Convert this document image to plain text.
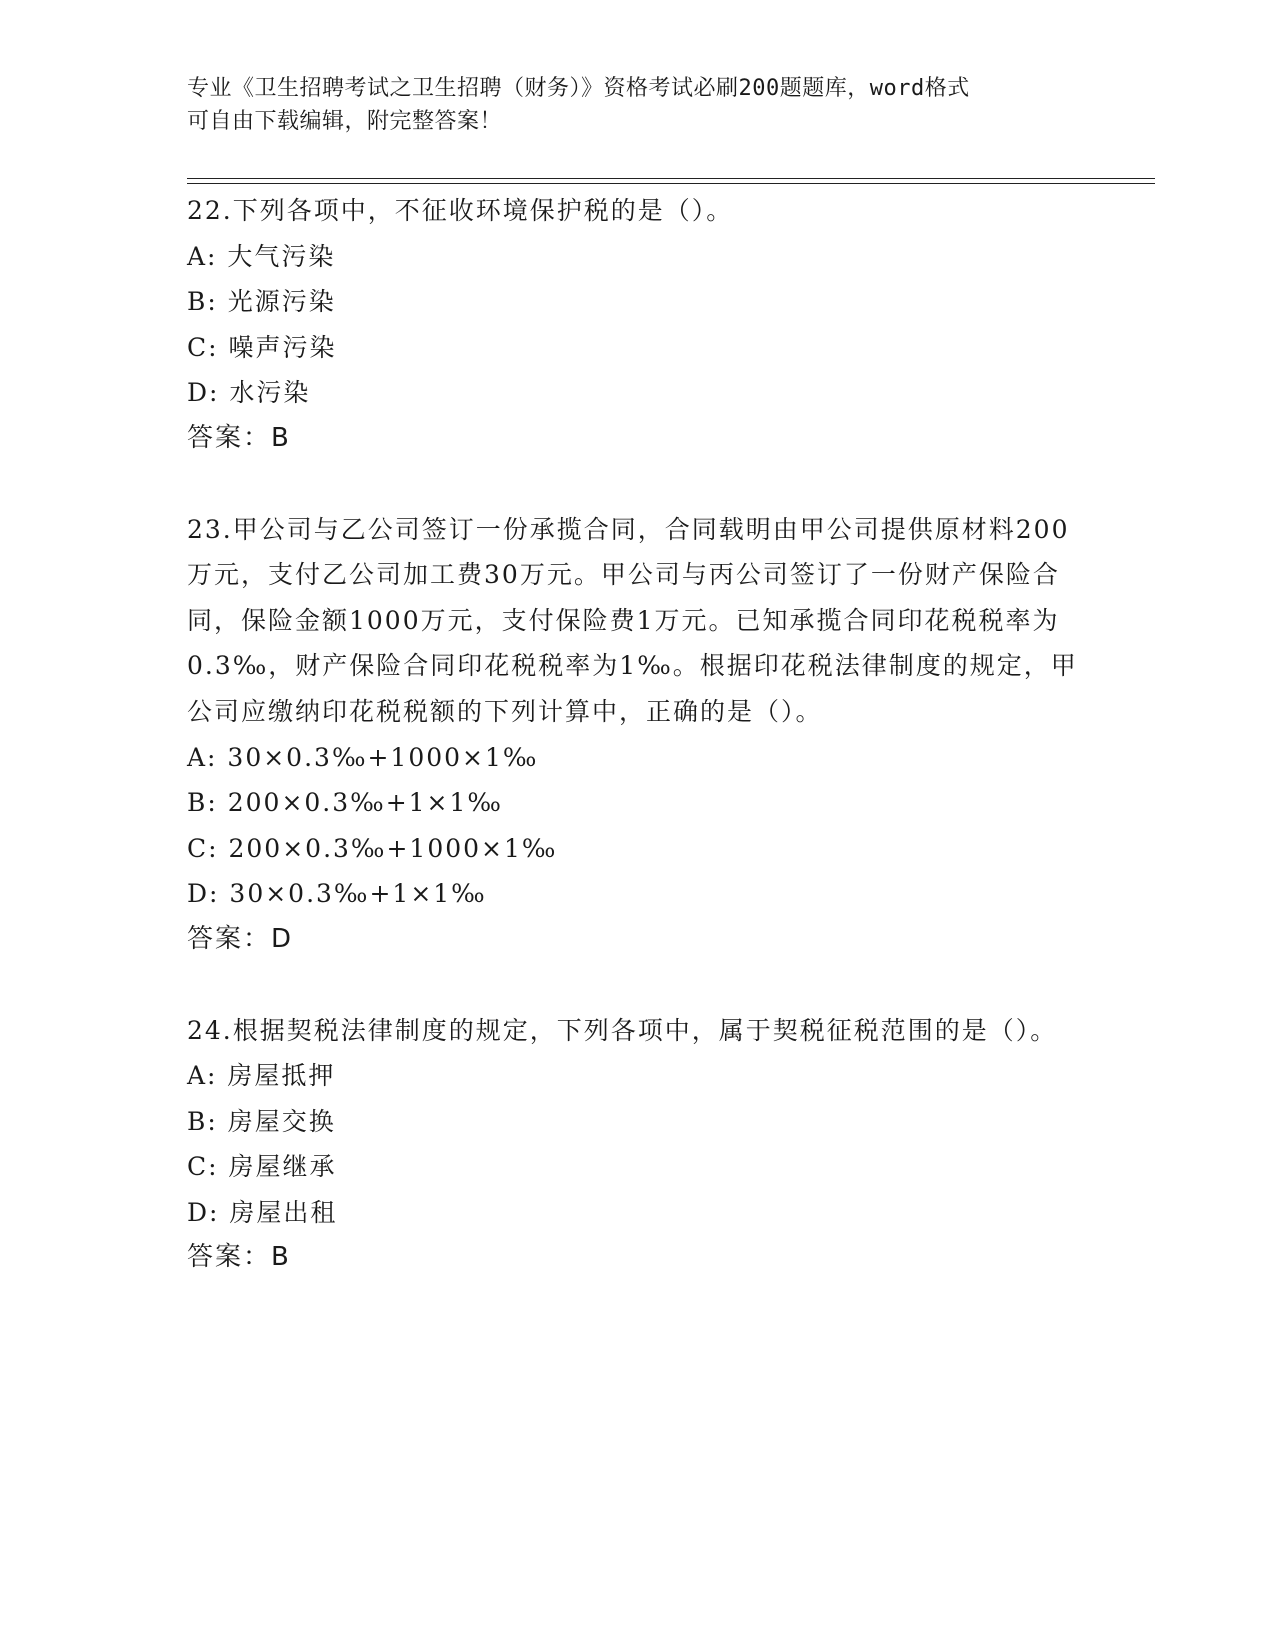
专业《卫生招聘考试之卫生招聘（财务）》资格考试必刷200题题库，word格式
可自由下载编辑，附完整答案！

22.下列各项中，不征收环境保护税的是（）。

A: 大气污染

B: 光源污染

C: 噪声污染

D: 水污染

答案：B

23.甲公司与乙公司签订一份承揽合同，合同载明由甲公司提供原材料200万元，支付乙公司加工费30万元。甲公司与丙公司签订了一份财产保险合同，保险金额1000万元，支付保险费1万元。已知承揽合同印花税税率为0.3‰，财产保险合同印花税税率为1‰。根据印花税法律制度的规定，甲公司应缴纳印花税税额的下列计算中，正确的是（）。

A: 30×0.3‰+1000×1‰

B: 200×0.3‰+1×1‰

C: 200×0.3‰+1000×1‰

D: 30×0.3‰+1×1‰

答案：D

24.根据契税法律制度的规定，下列各项中，属于契税征税范围的是（）。

A: 房屋抵押

B: 房屋交换

C: 房屋继承

D: 房屋出租

答案：B
